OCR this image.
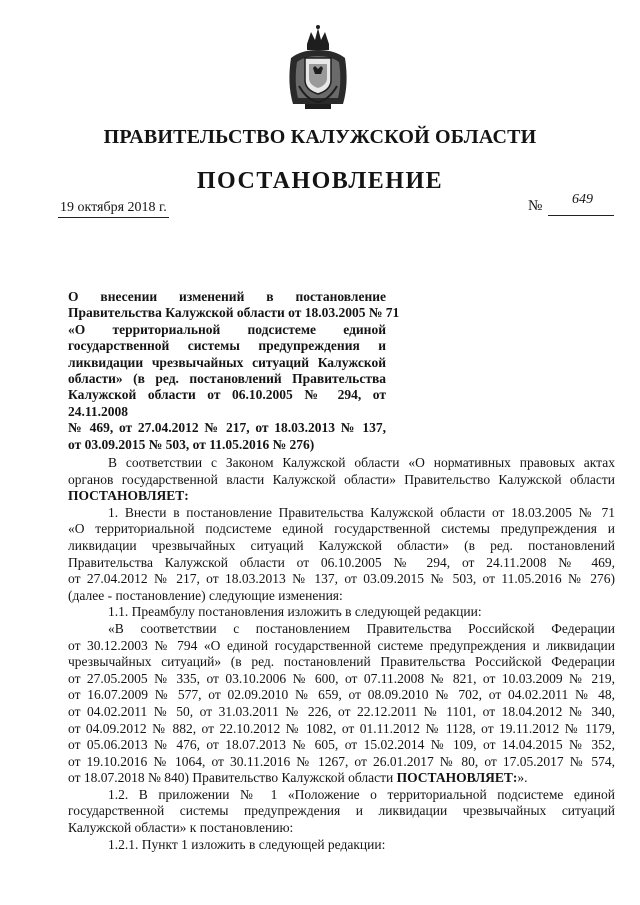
ПРАВИТЕЛЬСТВО КАЛУЖСКОЙ ОБЛАСТИ
ПОСТАНОВЛЕНИЕ
19 октября 2018 г.	№ 649
О внесении изменений в постановление
Правительства Калужской области от 18.03.2005 № 71
«О территориальной подсистеме единой
государственной системы предупреждения и
ликвидации чрезвычайных ситуаций Калужской
области» (в ред. постановлений Правительства
Калужской области от 06.10.2005 № 294, от 24.11.2008
№ 469, от 27.04.2012 № 217, от 18.03.2013 № 137,
от 03.09.2015 № 503, от 11.05.2016 № 276)
В соответствии с Законом Калужской области «О нормативных правовых актах
органов государственной власти Калужской области» Правительство Калужской области
ПОСТАНОВЛЯЕТ:
1. Внести в постановление Правительства Калужской области от 18.03.2005 № 71
«О территориальной подсистеме единой государственной системы предупреждения и
ликвидации чрезвычайных ситуаций Калужской области» (в ред. постановлений
Правительства Калужской области от 06.10.2005 № 294, от 24.11.2008 № 469,
от 27.04.2012 № 217, от 18.03.2013 № 137, от 03.09.2015 № 503, от 11.05.2016 № 276)
(далее - постановление) следующие изменения:
1.1. Преамбулу постановления изложить в следующей редакции:
«В соответствии с постановлением Правительства Российской Федерации
от 30.12.2003 № 794 «О единой государственной системе предупреждения и ликвидации
чрезвычайных ситуаций» (в ред. постановлений Правительства Российской Федерации
от 27.05.2005 № 335, от 03.10.2006 № 600, от 07.11.2008 № 821, от 10.03.2009 № 219,
от 16.07.2009 № 577, от 02.09.2010 № 659, от 08.09.2010 № 702, от 04.02.2011 № 48,
от 04.02.2011 № 50, от 31.03.2011 № 226, от 22.12.2011 № 1101, от 18.04.2012 № 340,
от 04.09.2012 № 882, от 22.10.2012 № 1082, от 01.11.2012 № 1128, от 19.11.2012 № 1179,
от 05.06.2013 № 476, от 18.07.2013 № 605, от 15.02.2014 № 109, от 14.04.2015 № 352,
от 19.10.2016 № 1064, от 30.11.2016 № 1267, от 26.01.2017 № 80, от 17.05.2017 № 574,
от 18.07.2018 № 840) Правительство Калужской области ПОСТАНОВЛЯЕТ:».
1.2. В приложении № 1 «Положение о территориальной подсистеме единой
государственной системы предупреждения и ликвидации чрезвычайных ситуаций
Калужской области» к постановлению:
1.2.1. Пункт 1 изложить в следующей редакции:
